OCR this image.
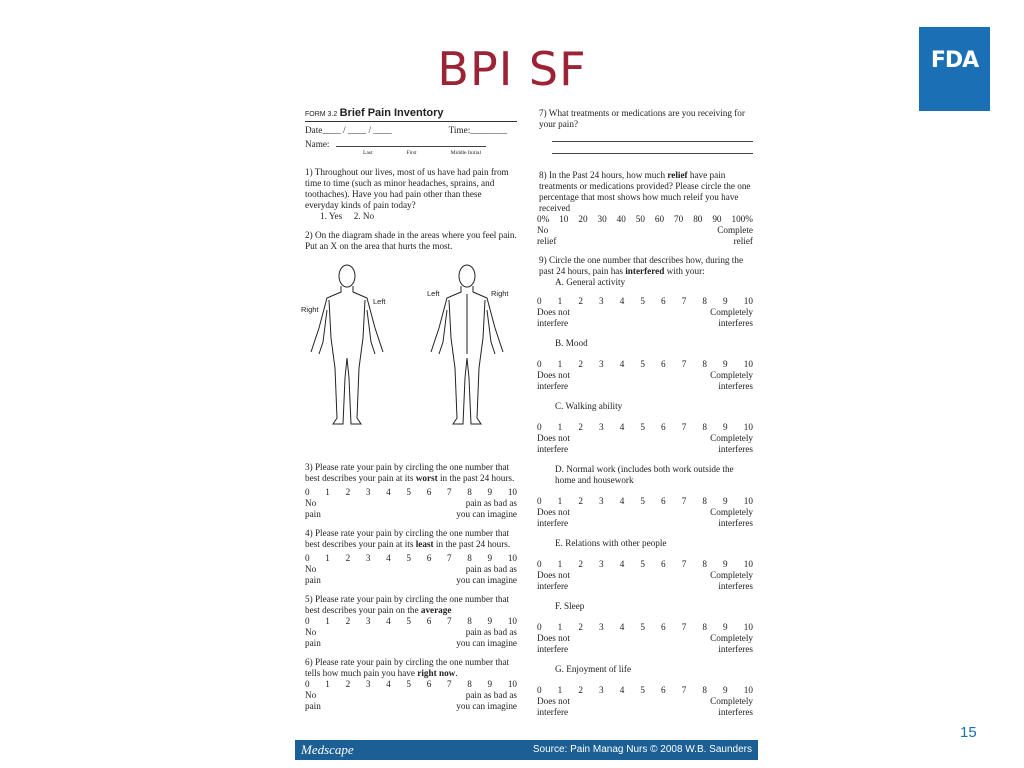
BPI SF	FDA
15
FORM 3.2 Brief Pain Inventory
Date____ / ____ / ____	Time:________
Name:
Last	First	Middle Initial
1) Throughout our lives, most of us have had pain from time to time (such as minor headaches, sprains, and toothaches). Have you had pain other than these everyday kinds of pain today?
1. Yes     2. No
2) On the diagram shade in the areas where you feel pain. Put an X on the area that hurts the most.
Right
Left
Left	Right
3) Please rate your pain by circling the one number that best describes your pain at its worst in the past 24 hours.
0 1 2 3 4 5 6 7 8 9 10
No
pain
pain as bad as
you can imagine
4) Please rate your pain by circling the one number that best describes your pain at its least in the past 24 hours.
0 1 2 3 4 5 6 7 8 9 10
No
pain
pain as bad as
you can imagine
5) Please rate your pain by circling the one number that best describes your pain on the average
0 1 2 3 4 5 6 7 8 9 10
No
pain
pain as bad as
you can imagine
6) Please rate your pain by circling the one number that tells how much pain you have right now.
0 1 2 3 4 5 6 7 8 9 10
No
pain
pain as bad as
you can imagine
7) What treatments or medications are you receiving for your pain?
8) In the Past 24 hours, how much relief have pain treatments or medications provided? Please circle the one percentage that most shows how much releif you have received
0% 10 20 30 40 50 60 70 80 90 100%
No
relief
Complete
relief
9) Circle the one number that describes how, during the past 24 hours, pain has interfered with your:
A. General activity
0 1 2 3 4 5 6 7 8 9 10
Does not
interfere
Completely
interferes
B. Mood
0 1 2 3 4 5 6 7 8 9 10
Does not
interfere
Completely
interferes
C. Walking ability
0 1 2 3 4 5 6 7 8 9 10
Does not
interfere
Completely
interferes
D. Normal work (includes both work outside the home and housework
0 1 2 3 4 5 6 7 8 9 10
Does not
interfere
Completely
interferes
E. Relations with other people
0 1 2 3 4 5 6 7 8 9 10
Does not
interfere
Completely
interferes
F. Sleep
0 1 2 3 4 5 6 7 8 9 10
Does not
interfere
Completely
interferes
G. Enjoyment of life
0 1 2 3 4 5 6 7 8 9 10
Does not
interfere
Completely
interferes
Medscape	Source: Pain Manag Nurs © 2008 W.B. Saunders
